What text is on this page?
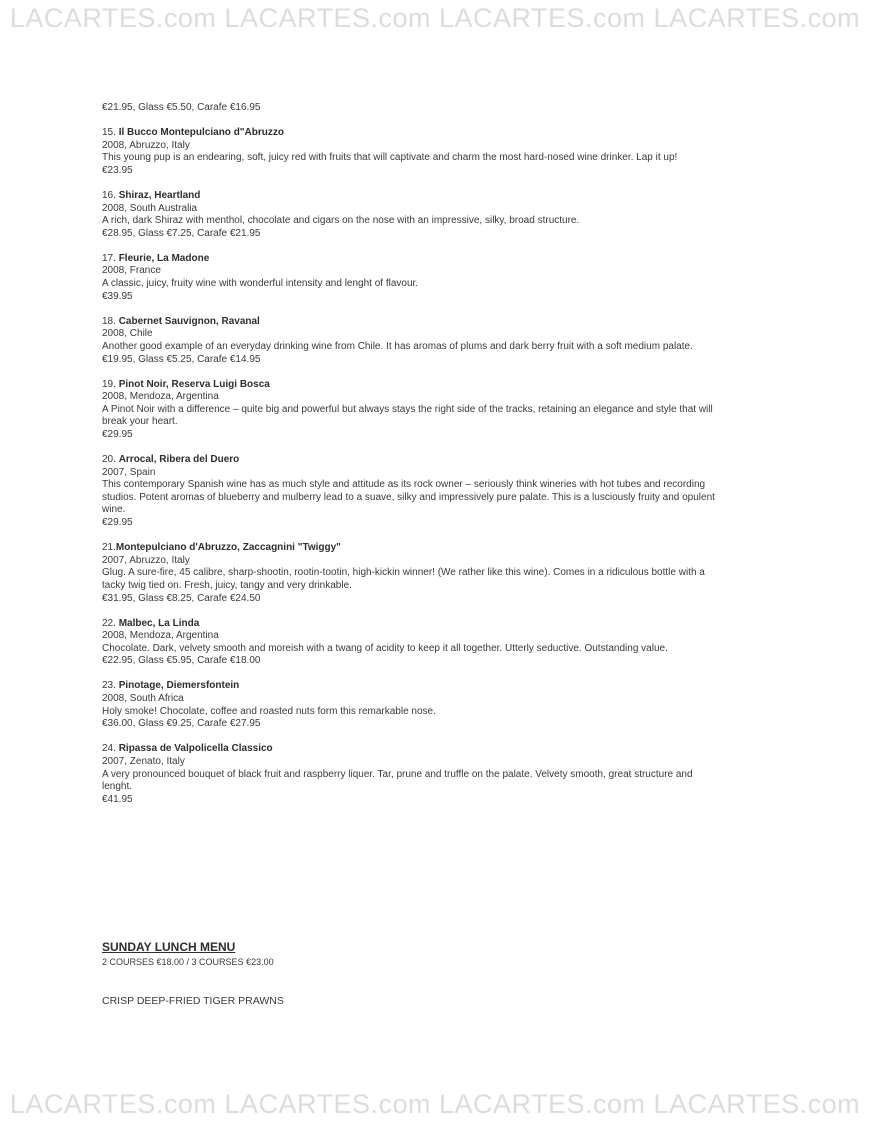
LACARTES.com LACARTES.com LACARTES.com LACARTES.com

€21.95, Glass €5.50, Carafe €16.95

15. Il Bucco Montepulciano d"Abruzzo

2008, Abruzzo, Italy

This young pup is an endearing, soft, juicy red with fruits that will captivate and charm the most hard-nosed wine drinker. Lap it up!

€23.95

16. Shiraz, Heartland

2008, South Australia

A rich, dark Shiraz with menthol, chocolate and cigars on the nose with an impressive, silky, broad structure.

€28.95, Glass €7.25, Carafe €21.95

17. Fleurie, La Madone

2008, France

A classic, juicy, fruity wine with wonderful intensity and lenght of flavour.

€39.95

18. Cabernet Sauvignon, Ravanal

2008, Chile

Another good example of an everyday drinking wine from Chile. It has aromas of plums and dark berry fruit with a soft medium palate.

€19.95, Glass €5.25, Carafe €14.95

19. Pinot Noir, Reserva Luigi Bosca

2008, Mendoza, Argentina

A Pinot Noir with a difference – quite big and powerful but always stays the right side of the tracks, retaining an elegance and style that will

break your heart.

€29.95

20. Arrocal, Ribera del Duero

2007, Spain

This contemporary Spanish wine has as much style and attitude as its rock owner – seriously think wineries with hot tubes and recording

studios. Potent aromas of blueberry and mulberry lead to a suave, silky and impressively pure palate. This is a lusciously fruity and opulent

wine.

€29.95

21.Montepulciano d'Abruzzo, Zaccagnini "Twiggy"

2007, Abruzzo, Italy

Glug. A sure-fire, 45 calibre, sharp-shootin, rootin-tootin, high-kickin winner! (We rather like this wine). Comes in a ridiculous bottle with a

tacky twig tied on. Fresh, juicy, tangy and very drinkable.

€31.95, Glass €8.25, Carafe €24.50

22. Malbec, La Linda

2008, Mendoza, Argentina

Chocolate. Dark, velvety smooth and moreish with a twang of acidity to keep it all together. Utterly seductive. Outstanding value.

€22.95, Glass €5.95, Carafe €18.00

23. Pinotage, Diemersfontein

2008, South Africa

Holy smoke! Chocolate, coffee and roasted nuts form this remarkable nose.

€36.00, Glass €9.25, Carafe €27.95

24. Ripassa de Valpolicella Classico

2007, Zenato, Italy

A very pronounced bouquet of black fruit and raspberry liquer. Tar, prune and truffle on the palate. Velvety smooth, great structure and

lenght.

€41.95

SUNDAY LUNCH MENU

2 COURSES €18.00 / 3 COURSES €23.00

CRISP DEEP-FRIED TIGER PRAWNS

LACARTES.com LACARTES.com LACARTES.com LACARTES.com
